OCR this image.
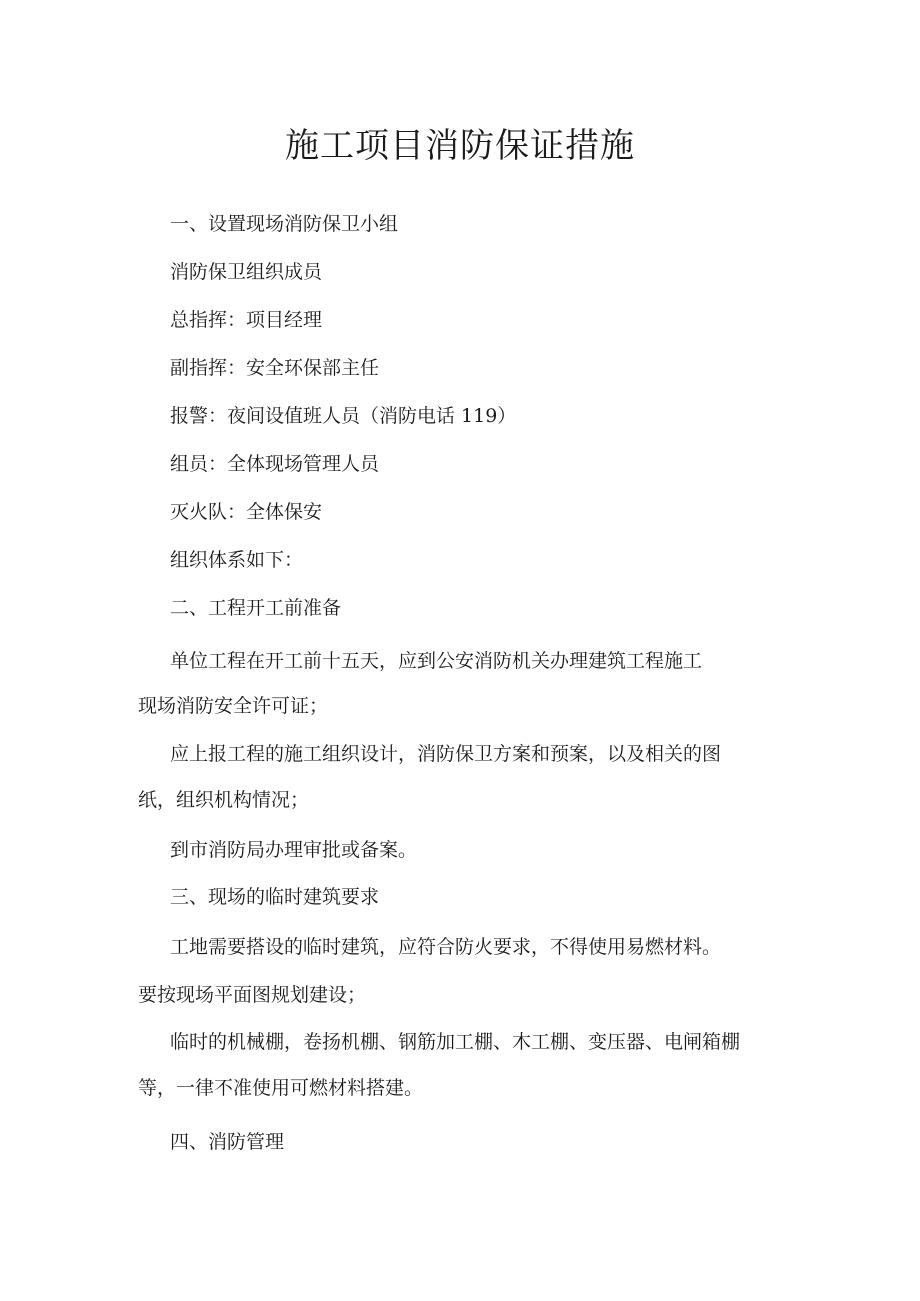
施工项目消防保证措施

一、设置现场消防保卫小组

消防保卫组织成员

总指挥：项目经理

副指挥：安全环保部主任

报警：夜间设值班人员（消防电话 119）

组员：全体现场管理人员

灭火队：全体保安

组织体系如下：

二、工程开工前准备

单位工程在开工前十五天，应到公安消防机关办理建筑工程施工

现场消防安全许可证；

应上报工程的施工组织设计，消防保卫方案和预案，以及相关的图

纸，组织机构情况；

到市消防局办理审批或备案。

三、现场的临时建筑要求

工地需要搭设的临时建筑，应符合防火要求，不得使用易燃材料。

要按现场平面图规划建设；

临时的机械棚，卷扬机棚、钢筋加工棚、木工棚、变压器、电闸箱棚

等，一律不准使用可燃材料搭建。

四、消防管理
